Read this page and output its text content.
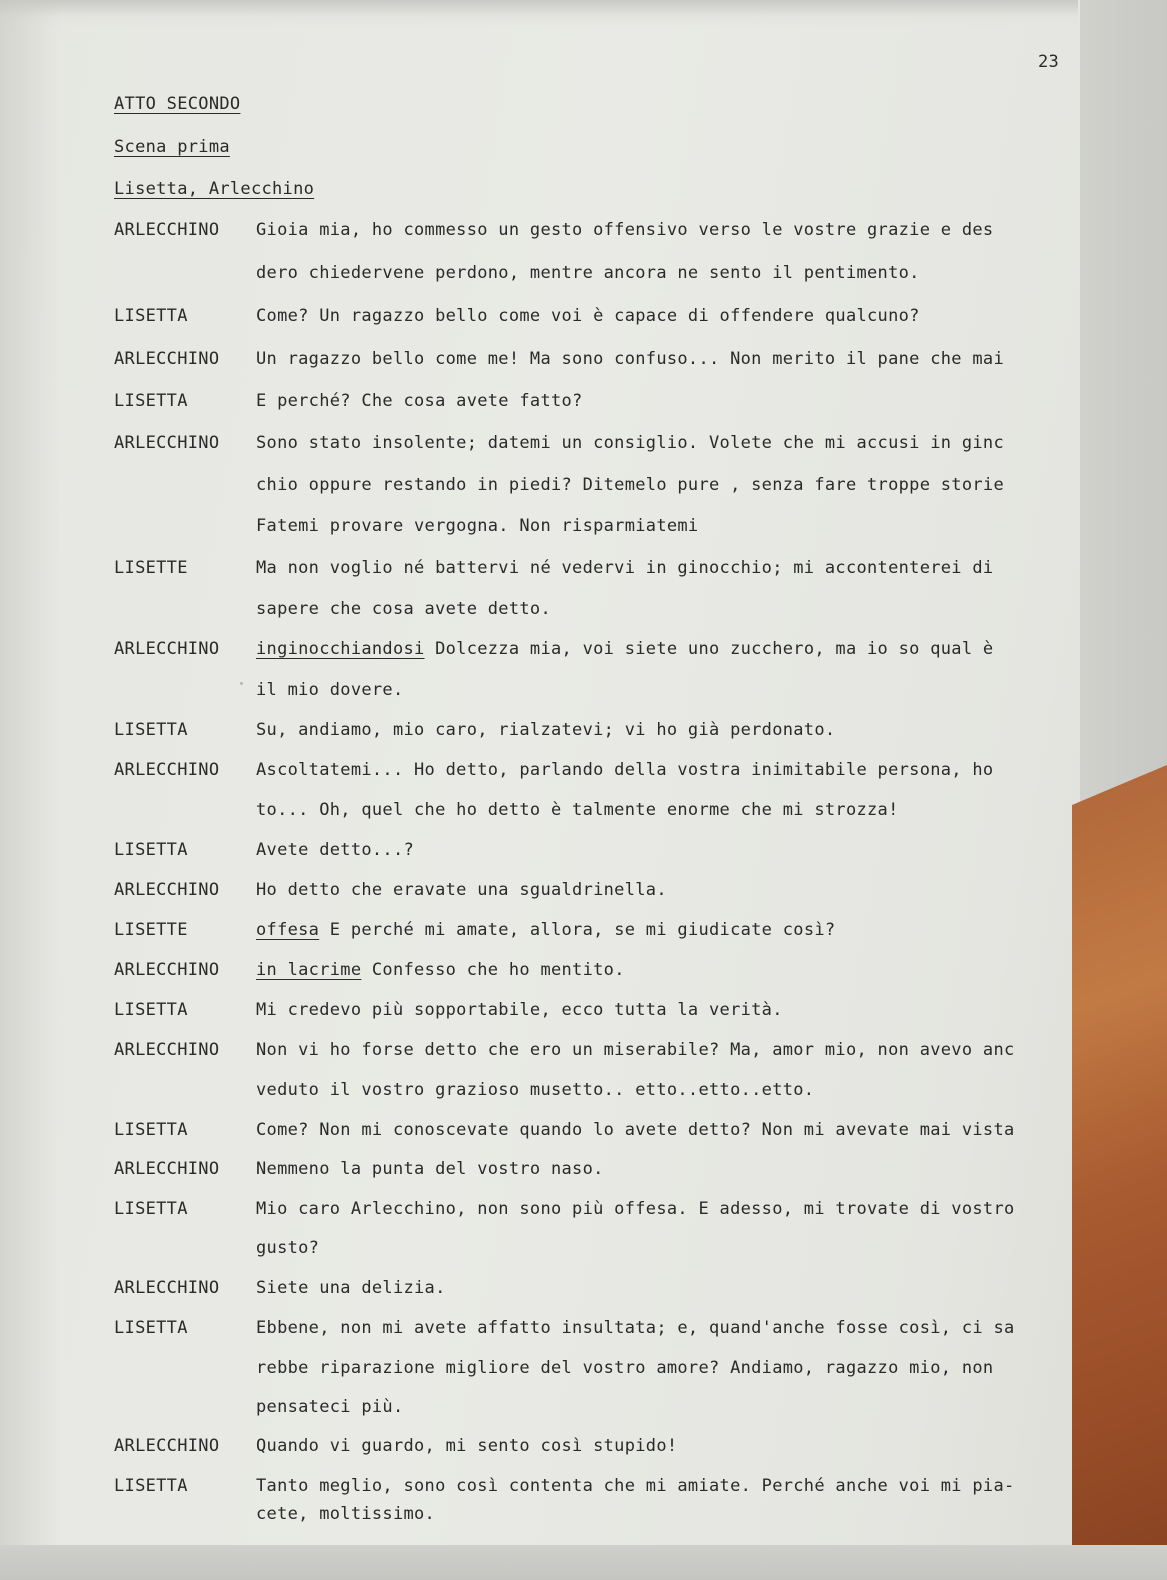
23
ATTO SECONDO
Scena prima
Lisetta, Arlecchino
ARLECCHINO Gioia mia, ho commesso un gesto offensivo verso le vostre grazie e des
dero chiedervene perdono, mentre ancora ne sento il pentimento.
LISETTA	Come? Un ragazzo bello come voi è capace di offendere qualcuno?
ARLECCHINO Un ragazzo bello come me! Ma sono confuso... Non merito il pane che mai
LISETTA	E perché? Che cosa avete fatto?
ARLECCHINO Sono stato insolente; datemi un consiglio. Volete che mi accusi in ginc
chio oppure restando in piedi? Ditemelo pure , senza fare troppe storie
Fatemi provare vergogna. Non risparmiatemi
LISETTE	Ma non voglio né battervi né vedervi in ginocchio; mi accontenterei di
sapere che cosa avete detto.
ARLECCHINO inginocchiandosi Dolcezza mia, voi siete uno zucchero, ma io so qual è
il mio dovere.
LISETTA	Su, andiamo, mio caro, rialzatevi; vi ho già perdonato.
ARLECCHINO Ascoltatemi... Ho detto, parlando della vostra inimitabile persona, ho
to... Oh, quel che ho detto è talmente enorme che mi strozza!
LISETTA	Avete detto...?
ARLECCHINO Ho detto che eravate una sgualdrinella.
LISETTE	offesa E perché mi amate, allora, se mi giudicate così?
ARLECCHINO in lacrime Confesso che ho mentito.
LISETTA	Mi credevo più sopportabile, ecco tutta la verità.
ARLECCHINO Non vi ho forse detto che ero un miserabile? Ma, amor mio, non avevo anc
veduto il vostro grazioso musetto.. etto..etto..etto.
LISETTA	Come? Non mi conoscevate quando lo avete detto? Non mi avevate mai vista
ARLECCHINO Nemmeno la punta del vostro naso.
LISETTA	Mio caro Arlecchino, non sono più offesa. E adesso, mi trovate di vostro
gusto?
ARLECCHINO Siete una delizia.
LISETTA	Ebbene, non mi avete affatto insultata; e, quand'anche fosse così, ci sa
rebbe riparazione migliore del vostro amore? Andiamo, ragazzo mio, non
pensateci più.
ARLECCHINO Quando vi guardo, mi sento così stupido!
LISETTA	Tanto meglio, sono così contenta che mi amiate. Perché anche voi mi pia-
cete, moltissimo.
